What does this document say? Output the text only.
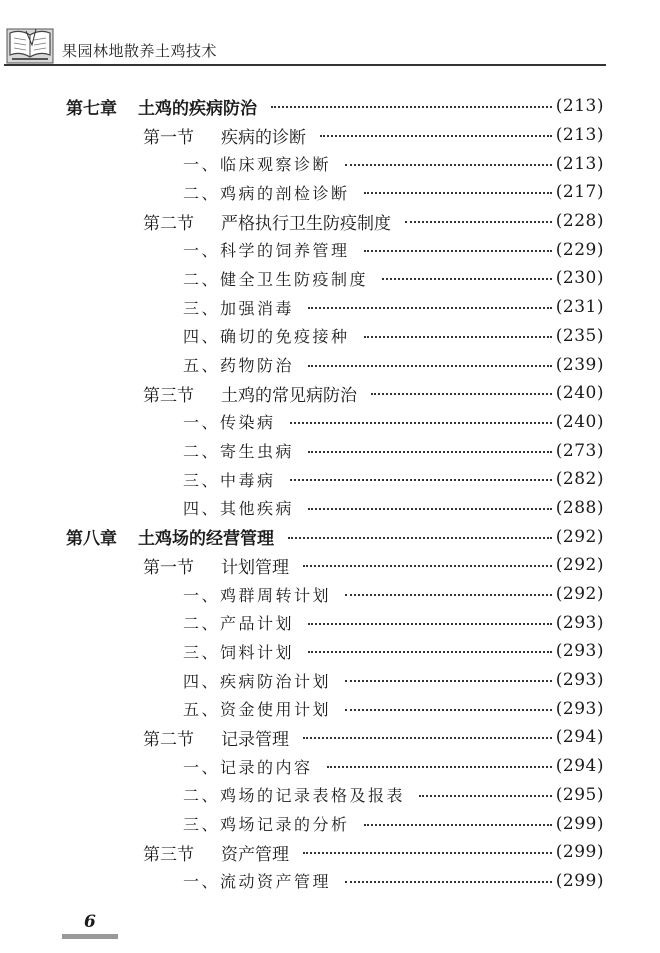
果园林地散养土鸡技术
第七章	土鸡的疾病防治	(213)
第一节	疾病的诊断	(213)
一、临床观察诊断	(213)
二、鸡病的剖检诊断	(217)
第二节	严格执行卫生防疫制度	(228)
一、科学的饲养管理	(229)
二、健全卫生防疫制度	(230)
三、加强消毒	(231)
四、确切的免疫接种	(235)
五、药物防治	(239)
第三节	土鸡的常见病防治	(240)
一、传染病	(240)
二、寄生虫病	(273)
三、中毒病	(282)
四、其他疾病	(288)
第八章	土鸡场的经营管理	(292)
第一节	计划管理	(292)
一、鸡群周转计划	(292)
二、产品计划	(293)
三、饲料计划	(293)
四、疾病防治计划	(293)
五、资金使用计划	(293)
第二节	记录管理	(294)
一、记录的内容	(294)
二、鸡场的记录表格及报表	(295)
三、鸡场记录的分析	(299)
第三节	资产管理	(299)
一、流动资产管理	(299)
6
